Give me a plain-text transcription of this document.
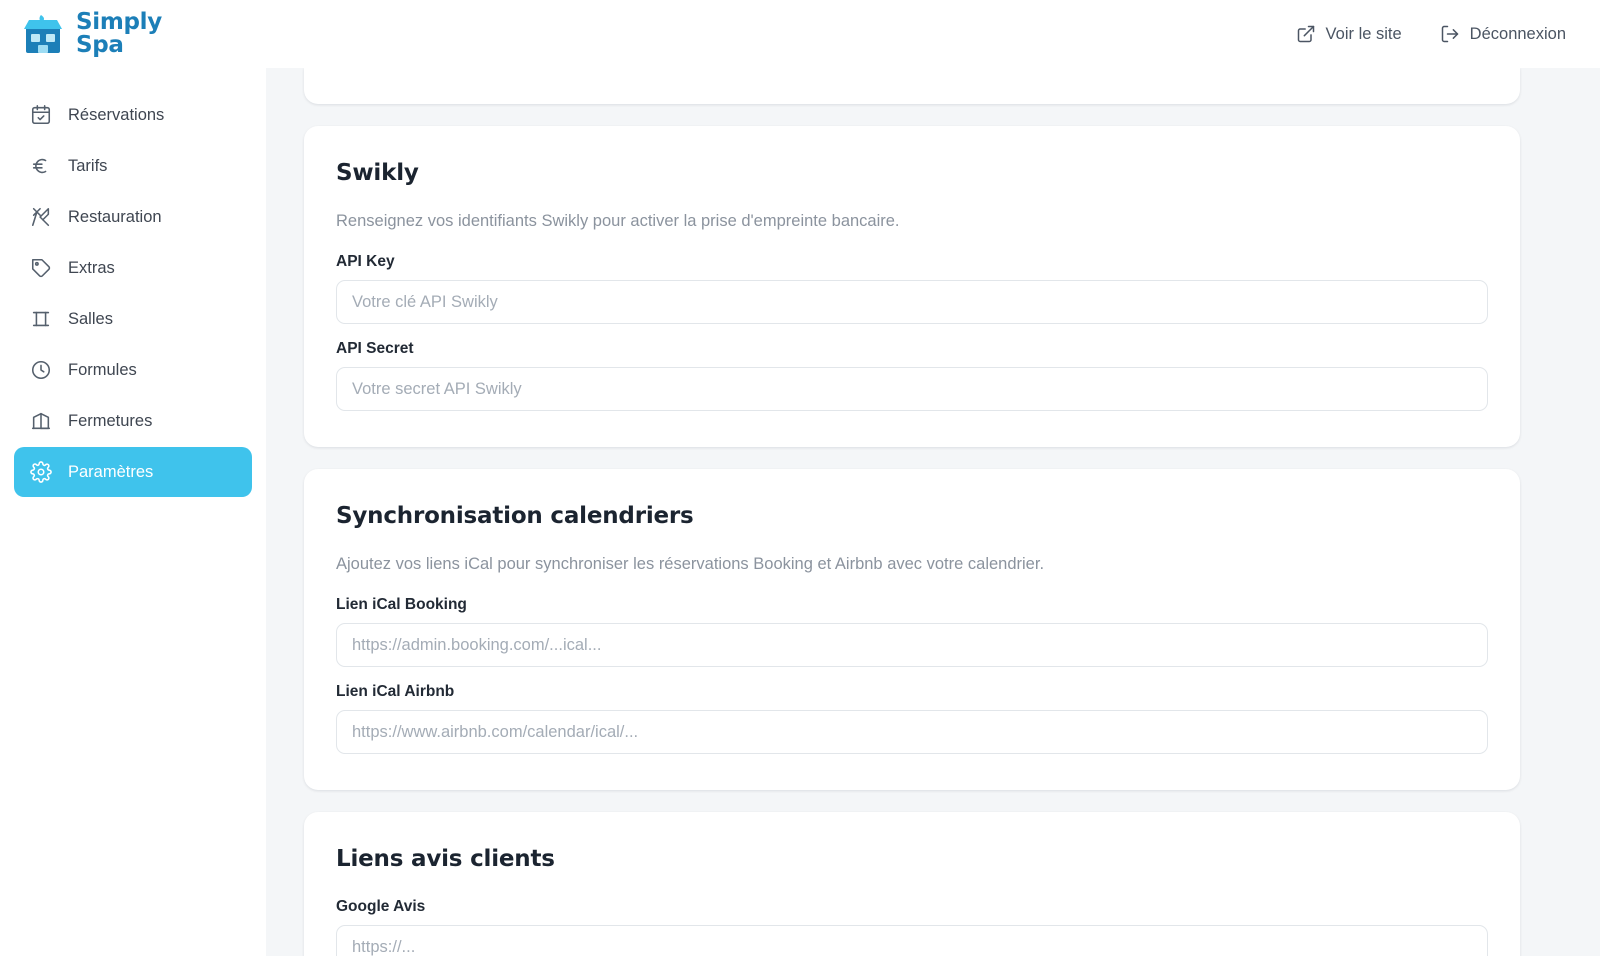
Simply
Spa	Voir le site	Déconnexion
Réservations
Tarifs
Restauration
Extras
Salles
Formules
Fermetures
Paramètres
Swikly

Renseignez vos identifiants Swikly pour activer la prise d'empreinte bancaire.

API Key
Votre clé API Swikly
API Secret
Votre secret API Swikly
Synchronisation calendriers

Ajoutez vos liens iCal pour synchroniser les réservations Booking et Airbnb avec votre calendrier.

Lien iCal Booking
https://admin.booking.com/...ical...
Lien iCal Airbnb
https://www.airbnb.com/calendar/ical/...
Liens avis clients
Google Avis
https://...
